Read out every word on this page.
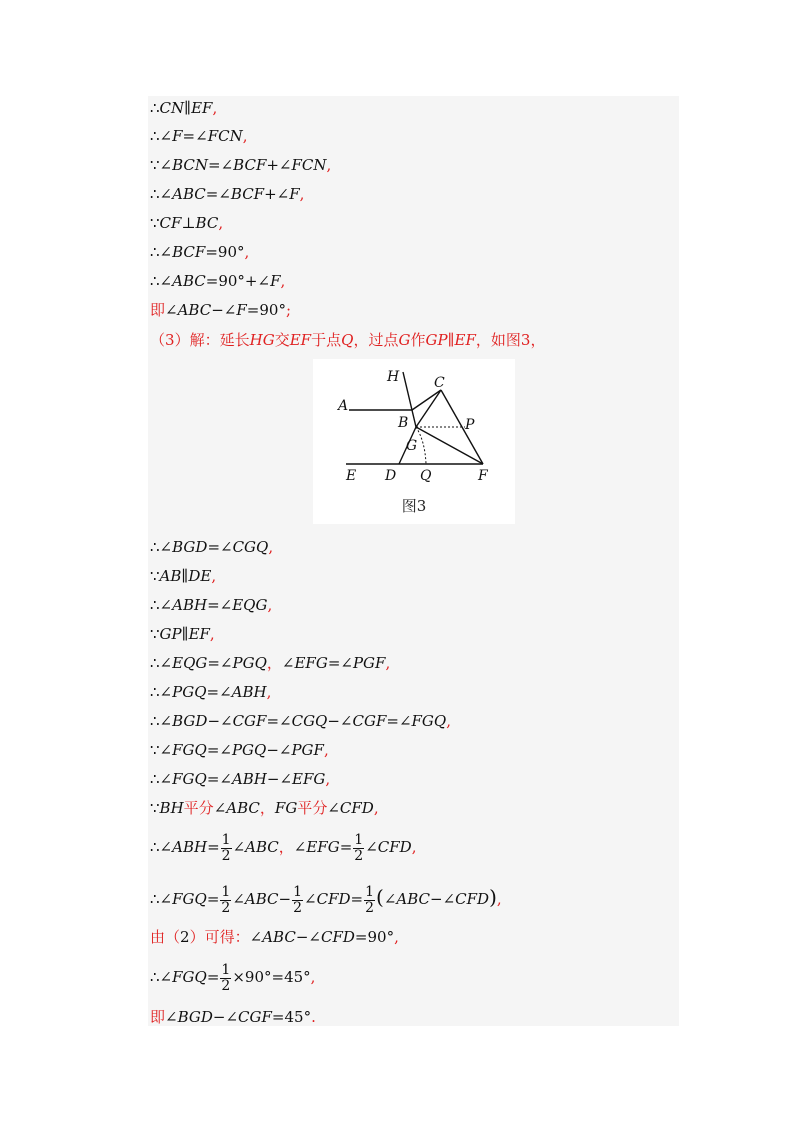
∴CN∥EF,
∴∠F=∠FCN,
∵∠BCN=∠BCF+∠FCN,
∴∠ABC=∠BCF+∠F,
∵CF⊥BC,
∴∠BCF=90°,
∴∠ABC=90°+∠F,
即∠ABC−∠F=90°;
（3）解：延长HG交EF于点Q，过点G作GP∥EF，如图3，
H C
A
B	P
G
E D Q	F
图3
∴∠BGD=∠CGQ,
∵AB∥DE,
∴∠ABH=∠EQG,
∵GP∥EF,
∴∠EQG=∠PGQ，∠EFG=∠PGF,
∴∠PGQ=∠ABH,
∴∠BGD−∠CGF=∠CGQ−∠CGF=∠FGQ,
∵∠FGQ=∠PGQ−∠PGF,
∴∠FGQ=∠ABH−∠EFG,
∵BH平分∠ABC，FG平分∠CFD,
∴∠ABH= $\frac{1}{2}$ ∠ABC，∠EFG= $\frac{1}{2}$ ∠CFD,
∴∠FGQ= $\frac{1}{2}$ ∠ABC− $\frac{1}{2}$ ∠CFD= $\frac{1}{2}$ (∠ABC−∠CFD),
由（2）可得：∠ABC−∠CFD=90°,
∴∠FGQ= $\frac{1}{2} \times 90^\circ=45^\circ$,
即∠BGD−∠CGF=45°.
